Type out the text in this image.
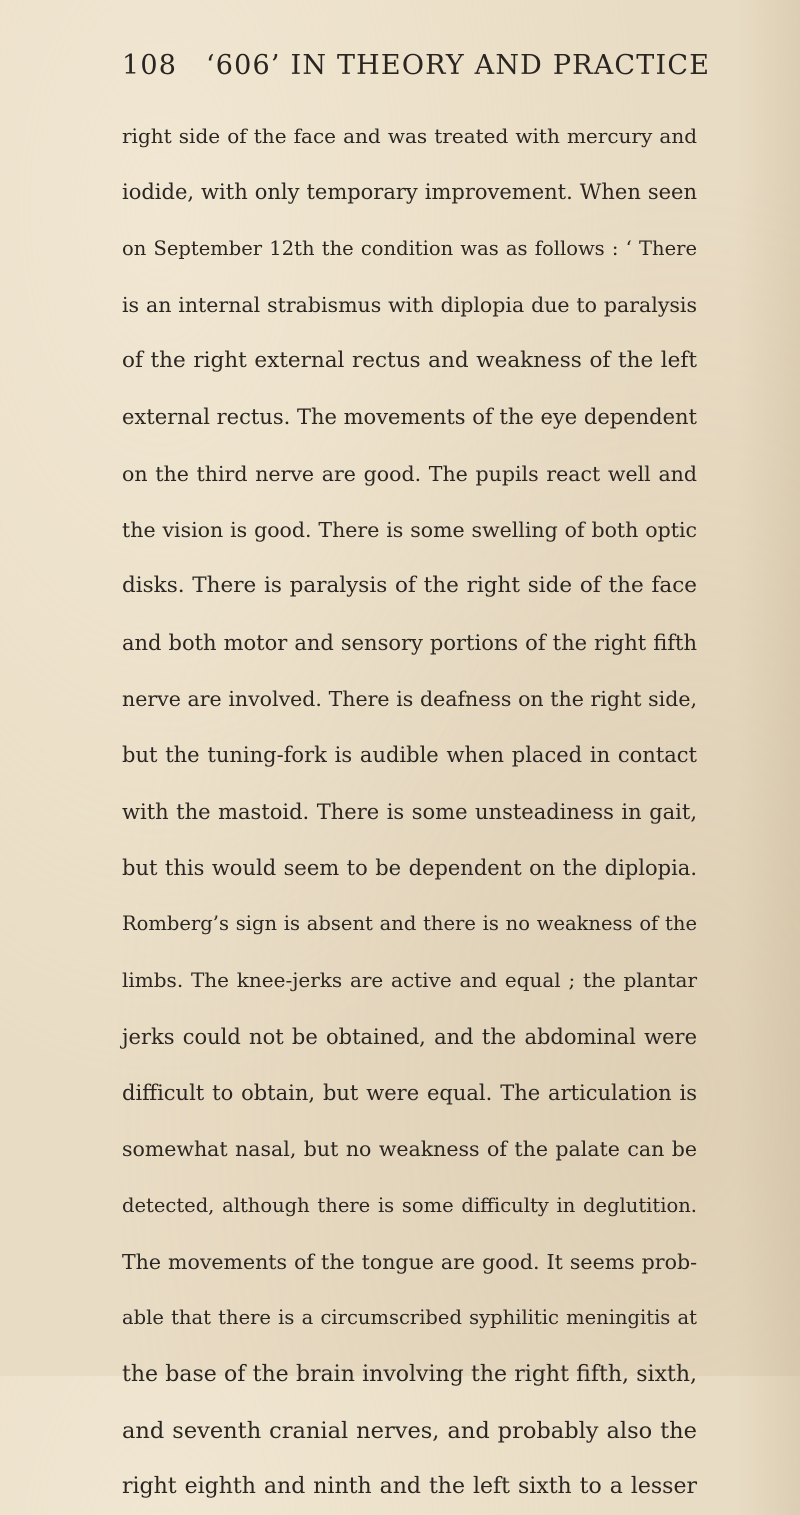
108 ‘606’ IN THEORY AND PRACTICE
right side of the face and was treated with mercury and
iodide, with only temporary improvement. When seen
on September 12th the condition was as follows : ‘ There
is an internal strabismus with diplopia due to paralysis
of the right external rectus and weakness of the left
external rectus. The movements of the eye dependent
on the third nerve are good. The pupils react well and
the vision is good. There is some swelling of both optic
disks. There is paralysis of the right side of the face
and both motor and sensory portions of the right fifth
nerve are involved. There is deafness on the right side,
but the tuning-fork is audible when placed in contact
with the mastoid. There is some unsteadiness in gait,
but this would seem to be dependent on the diplopia.
Romberg’s sign is absent and there is no weakness of the
limbs. The knee-jerks are active and equal ; the plantar
jerks could not be obtained, and the abdominal were
difficult to obtain, but were equal. The articulation is
somewhat nasal, but no weakness of the palate can be
detected, although there is some difficulty in deglutition.
The movements of the tongue are good. It seems prob-
able that there is a circumscribed syphilitic meningitis at
the base of the brain involving the right fifth, sixth,
and seventh cranial nerves, and probably also the
right eighth and ninth and the left sixth to a lesser
